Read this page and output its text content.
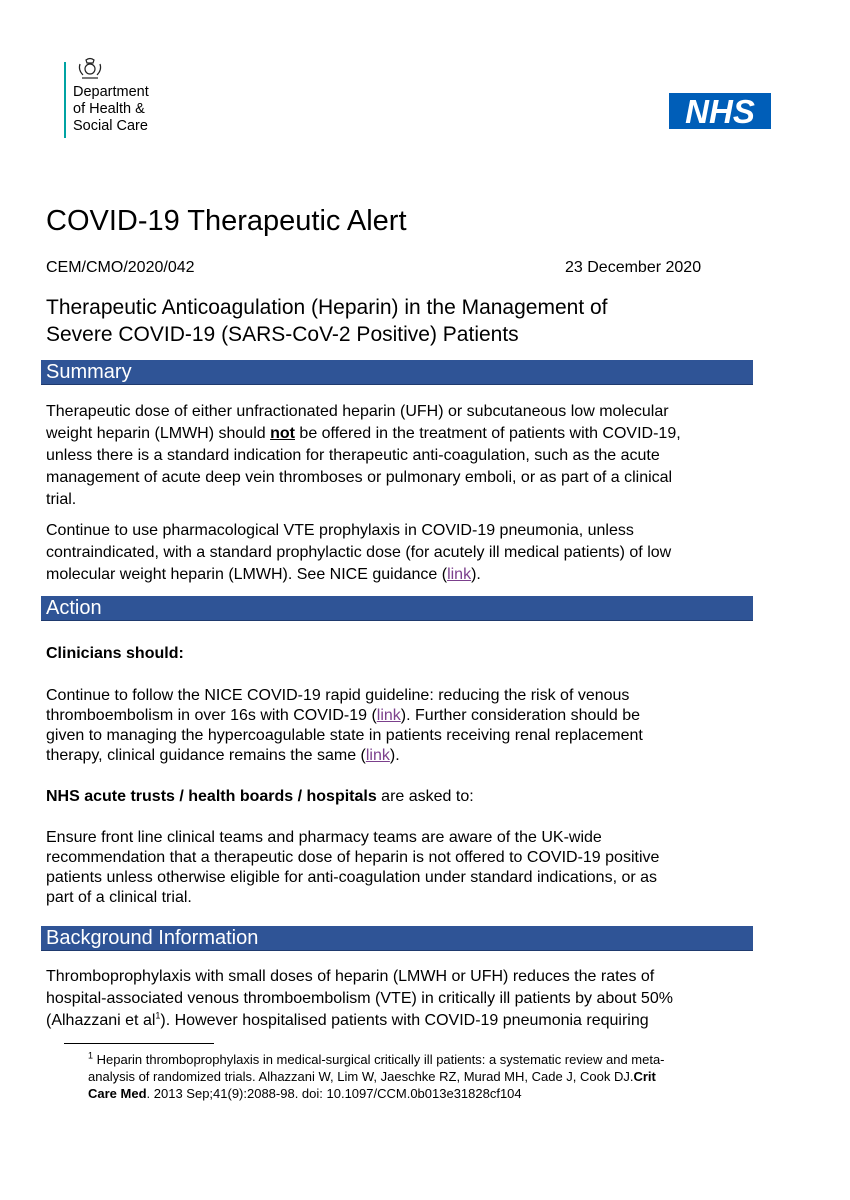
Department
of Health &
Social Care	NHS
COVID-19 Therapeutic Alert
CEM/CMO/2020/042	23 December 2020
Therapeutic Anticoagulation (Heparin) in the Management of
Severe COVID-19 (SARS-CoV-2 Positive) Patients
Summary
Therapeutic dose of either unfractionated heparin (UFH) or subcutaneous low molecular
weight heparin (LMWH) should not be offered in the treatment of patients with COVID-19,
unless there is a standard indication for therapeutic anti-coagulation, such as the acute
management of acute deep vein thromboses or pulmonary emboli, or as part of a clinical
trial.
Continue to use pharmacological VTE prophylaxis in COVID-19 pneumonia, unless
contraindicated, with a standard prophylactic dose (for acutely ill medical patients) of low
molecular weight heparin (LMWH). See NICE guidance (link).
Action
Clinicians should:
Continue to follow the NICE COVID-19 rapid guideline: reducing the risk of venous
thromboembolism in over 16s with COVID-19 (link). Further consideration should be
given to managing the hypercoagulable state in patients receiving renal replacement
therapy, clinical guidance remains the same (link).
NHS acute trusts / health boards / hospitals are asked to:
Ensure front line clinical teams and pharmacy teams are aware of the UK-wide
recommendation that a therapeutic dose of heparin is not offered to COVID-19 positive
patients unless otherwise eligible for anti-coagulation under standard indications, or as
part of a clinical trial.
Background Information
Thromboprophylaxis with small doses of heparin (LMWH or UFH) reduces the rates of
hospital-associated venous thromboembolism (VTE) in critically ill patients by about 50%
(Alhazzani et $al^1$). However hospitalised patients with COVID-19 pneumonia requiring
$^1$ Heparin thromboprophylaxis in medical-surgical critically ill patients: a systematic review and meta-
analysis of randomized trials. Alhazzani W, Lim W, Jaeschke RZ, Murad MH, Cade J, Cook DJ.Crit
Care Med. 2013 Sep;41(9):2088-98. doi: 10.1097/CCM.0b013e31828cf104
